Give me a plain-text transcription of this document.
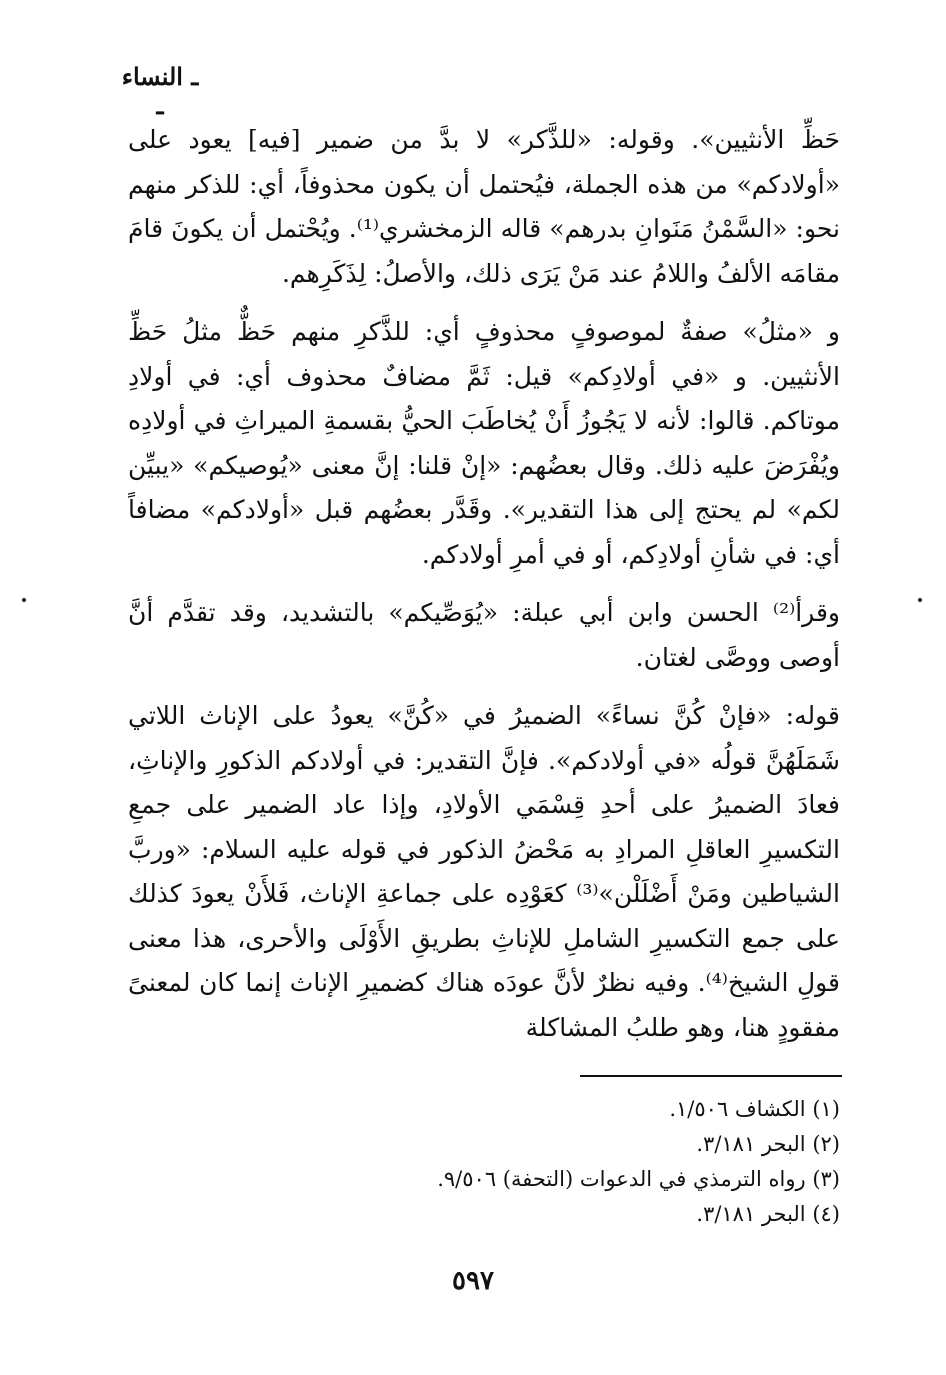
ـ النساء ـ

حَظِّ الأنثيين». وقوله: «للذَّكر» لا بدَّ من ضمير [فيه] يعود على «أولادكم» من هذه الجملة، فيُحتمل أن يكون محذوفاً، أي: للذكر منهم نحو: «السَّمْنُ مَنَوانِ بدرهم» قاله الزمخشري⁽¹⁾. ويُحْتمل أن يكونَ قامَ مقامَه الألفُ واللامُ عند مَنْ يَرَى ذلك، والأصلُ: لِذَكَرِهم.

و «مثلُ» صفةٌ لموصوفٍ محذوفٍ أي: للذَّكرِ منهم حَظٌّ مثلُ حَظِّ الأنثيين. و «في أولادِكم» قيل: ثَمَّ مضافٌ محذوف أي: في أولادِ موتاكم. قالوا: لأنه لا يَجُوزُ أَنْ يُخاطَبَ الحيُّ بقسمةِ الميراثِ في أولادِه ويُفْرَضَ عليه ذلك. وقال بعضُهم: «إنْ قلنا: إنَّ معنى «يُوصيكم» «يبيِّن لكم» لم يحتج إلى هذا التقدير». وقَدَّر بعضُهم قبل «أولادكم» مضافاً أي: في شأنِ أولادِكم، أو في أمرِ أولادكم.

وقرأ⁽²⁾ الحسن وابن أبي عبلة: «يُوَصِّيكم» بالتشديد، وقد تقدَّم أنَّ أوصى ووصَّى لغتان.

قوله: «فإنْ كُنَّ نساءً» الضميرُ في «كُنَّ» يعودُ على الإناث اللاتي شَمَلَهُنَّ قولُه «في أولادكم». فإنَّ التقدير: في أولادكم الذكورِ والإناثِ، فعادَ الضميرُ على أحدِ قِسْمَي الأولادِ، وإذا عاد الضمير على جمعِ التكسيرِ العاقلِ المرادِ به مَحْضُ الذكور في قوله عليه السلام: «وربَّ الشياطين ومَنْ أَضْلَلْن»⁽³⁾ كعَوْدِه على جماعةِ الإناث، فَلأَنْ يعودَ كذلك على جمع التكسيرِ الشاملِ للإناثِ بطريقِ الأَوْلَى والأحرى، هذا معنى قولِ الشيخ⁽⁴⁾. وفيه نظرٌ لأنَّ عودَه هناك كضميرِ الإناث إنما كان لمعنىً مفقودٍ هنا، وهو طلبُ المشاكلة

(١) الكشاف ١/٥٠٦.

(٢) البحر ٣/١٨١.

(٣) رواه الترمذي في الدعوات (التحفة) ٩/٥٠٦.

(٤) البحر ٣/١٨١.

٥٩٧
